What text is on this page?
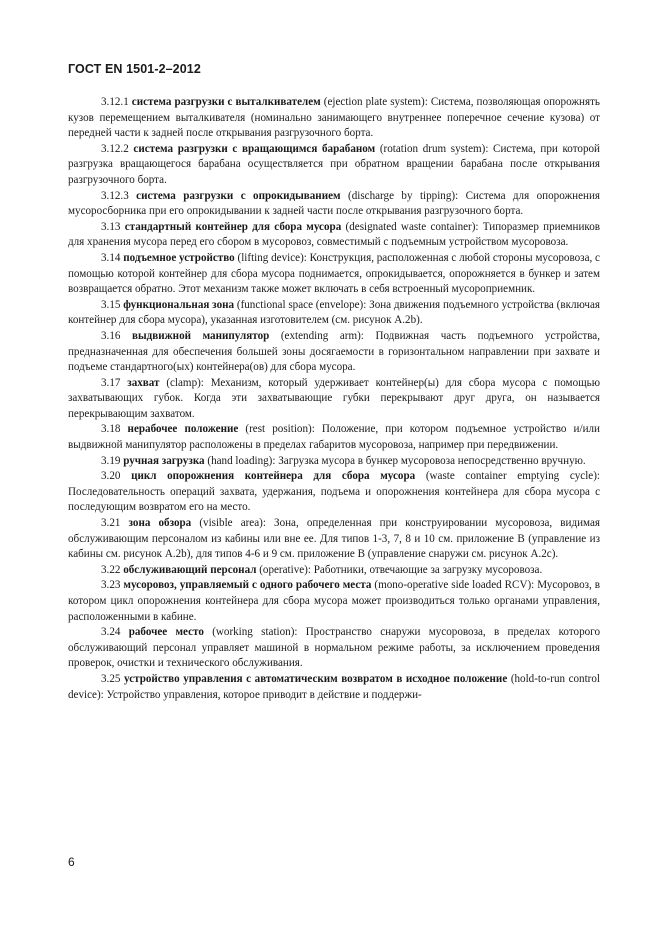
ГОСТ EN 1501-2–2012

3.12.1 система разгрузки с выталкивателем (ejection plate system): Система, позволяющая опорожнять кузов перемещением выталкивателя (номинально занимающего внутреннее поперечное сечение кузова) от передней части к задней после открывания разгрузочного борта.

3.12.2 система разгрузки с вращающимся барабаном (rotation drum system): Система, при которой разгрузка вращающегося барабана осуществляется при обратном вращении барабана после открывания разгрузочного борта.

3.12.3 система разгрузки с опрокидыванием (discharge by tipping): Система для опорожнения мусоросборника при его опрокидывании к задней части после открывания разгрузочного борта.

3.13 стандартный контейнер для сбора мусора (designated waste container): Типоразмер приемников для хранения мусора перед его сбором в мусоровоз, совместимый с подъемным устройством мусоровоза.

3.14 подъемное устройство (lifting device): Конструкция, расположенная с любой стороны мусоровоза, с помощью которой контейнер для сбора мусора поднимается, опрокидывается, опорожняется в бункер и затем возвращается обратно. Этот механизм также может включать в себя встроенный мусороприемник.

3.15 функциональная зона (functional space (envelope): Зона движения подъемного устройства (включая контейнер для сбора мусора), указанная изготовителем (см. рисунок А.2b).

3.16 выдвижной манипулятор (extending arm): Подвижная часть подъемного устройства, предназначенная для обеспечения большей зоны досягаемости в горизонтальном направлении при захвате и подъеме стандартного(ых) контейнера(ов) для сбора мусора.

3.17 захват (clamp): Механизм, который удерживает контейнер(ы) для сбора мусора с помощью захватывающих губок. Когда эти захватывающие губки перекрывают друг друга, он называется перекрывающим захватом.

3.18 нерабочее положение (rest position): Положение, при котором подъемное устройство и/или выдвижной манипулятор расположены в пределах габаритов мусоровоза, например при передвижении.

3.19 ручная загрузка (hand loading): Загрузка мусора в бункер мусоровоза непосредственно вручную.

3.20 цикл опорожнения контейнера для сбора мусора (waste container emptying cycle): Последовательность операций захвата, удержания, подъема и опорожнения контейнера для сбора мусора с последующим возвратом его на место.

3.21 зона обзора (visible area): Зона, определенная при конструировании мусоровоза, видимая обслуживающим персоналом из кабины или вне ее. Для типов 1-3, 7, 8 и 10 см. приложение В (управление из кабины см. рисунок А.2b), для типов 4-6 и 9 см. приложение В (управление снаружи см. рисунок А.2c).

3.22 обслуживающий персонал (operative): Работники, отвечающие за загрузку мусоровоза.

3.23 мусоровоз, управляемый с одного рабочего места (mono-operative side loaded RCV): Мусоровоз, в котором цикл опорожнения контейнера для сбора мусора может производиться только органами управления, расположенными в кабине.

3.24 рабочее место (working station): Пространство снаружи мусоровоза, в пределах которого обслуживающий персонал управляет машиной в нормальном режиме работы, за исключением проведения проверок, очистки и технического обслуживания.

3.25 устройство управления с автоматическим возвратом в исходное положение (hold-to-run control device): Устройство управления, которое приводит в действие и поддержи-

6
